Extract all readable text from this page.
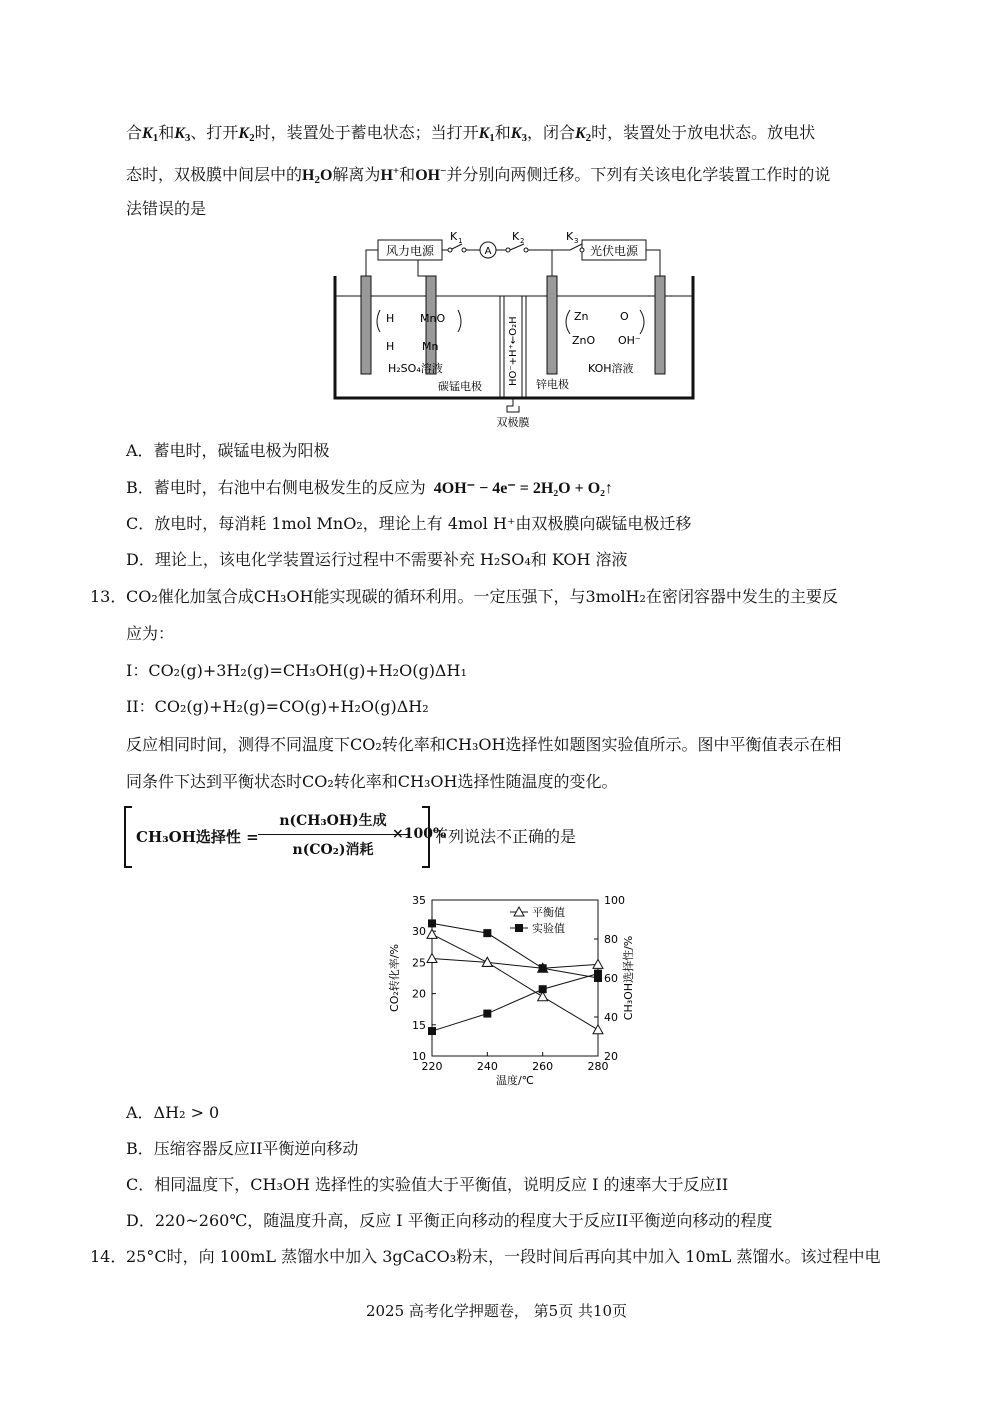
合$K_1$和$K_3$、打开$K_2$时，装置处于蓄电状态；当打开$K_1$和$K_3$，闭合$K_2$时，装置处于放电状态。放电状
态时，双极膜中间层中的$H_2O$解离为H+和OH−并分别向两侧迁移。下列有关该电化学装置工作时的说
法错误的是
风力电源	光伏电源
A
K 1	K 2	K 3
HO⁻+H⁺←O₂H
双极膜
H MnO
H	Mn
H₂SO₄溶液
碳锰电极
Zn
ZnO
O
OH⁻
KOH溶液
锌电极
A．蓄电时，碳锰电极为阳极
B．蓄电时，右池中右侧电极发生的反应为 4OH⁻ − 4e⁻ = 2H₂O + O₂↑
C．放电时，每消耗 1mol MnO₂，理论上有 4mol H⁺由双极膜向碳锰电极迁移
D．理论上，该电化学装置运行过程中不需要补充 H₂SO₄和 KOH 溶液
13． CO₂催化加氢合成CH₃OH能实现碳的循环利用。一定压强下，与3molH₂在密闭容器中发生的主要反
应为：
I：CO₂(g)+3H₂(g)=CH₃OH(g)+H₂O(g)ΔH₁
II：CO₂(g)+H₂(g)=CO(g)+H₂O(g)ΔH₂
反应相同时间，测得不同温度下CO₂转化率和CH₃OH选择性如题图实验值所示。图中平衡值表示在相
同条件下达到平衡状态时CO₂转化率和CH₃OH选择性随温度的变化。
CH₃OH选择性 =
n(CH₃OH)生成
n(CO₂)消耗
×100%
下列说法不正确的是
10
15
20
25
30
35
20
40
60
80
100
220	240	260	280
温度/℃
CO₂转化率/%	CH₃OH选择性/%
平衡值
实验值
A．ΔH₂ > 0
B．压缩容器反应II平衡逆向移动
C．相同温度下，CH₃OH 选择性的实验值大于平衡值，说明反应 I 的速率大于反应II
D．220~260℃，随温度升高，反应 I 平衡正向移动的程度大于反应II平衡逆向移动的程度
14． 25°C时，向 100mL 蒸馏水中加入 3gCaCO₃粉末，一段时间后再向其中加入 10mL 蒸馏水。该过程中电
2025 高考化学押题卷， 第5页 共10页
